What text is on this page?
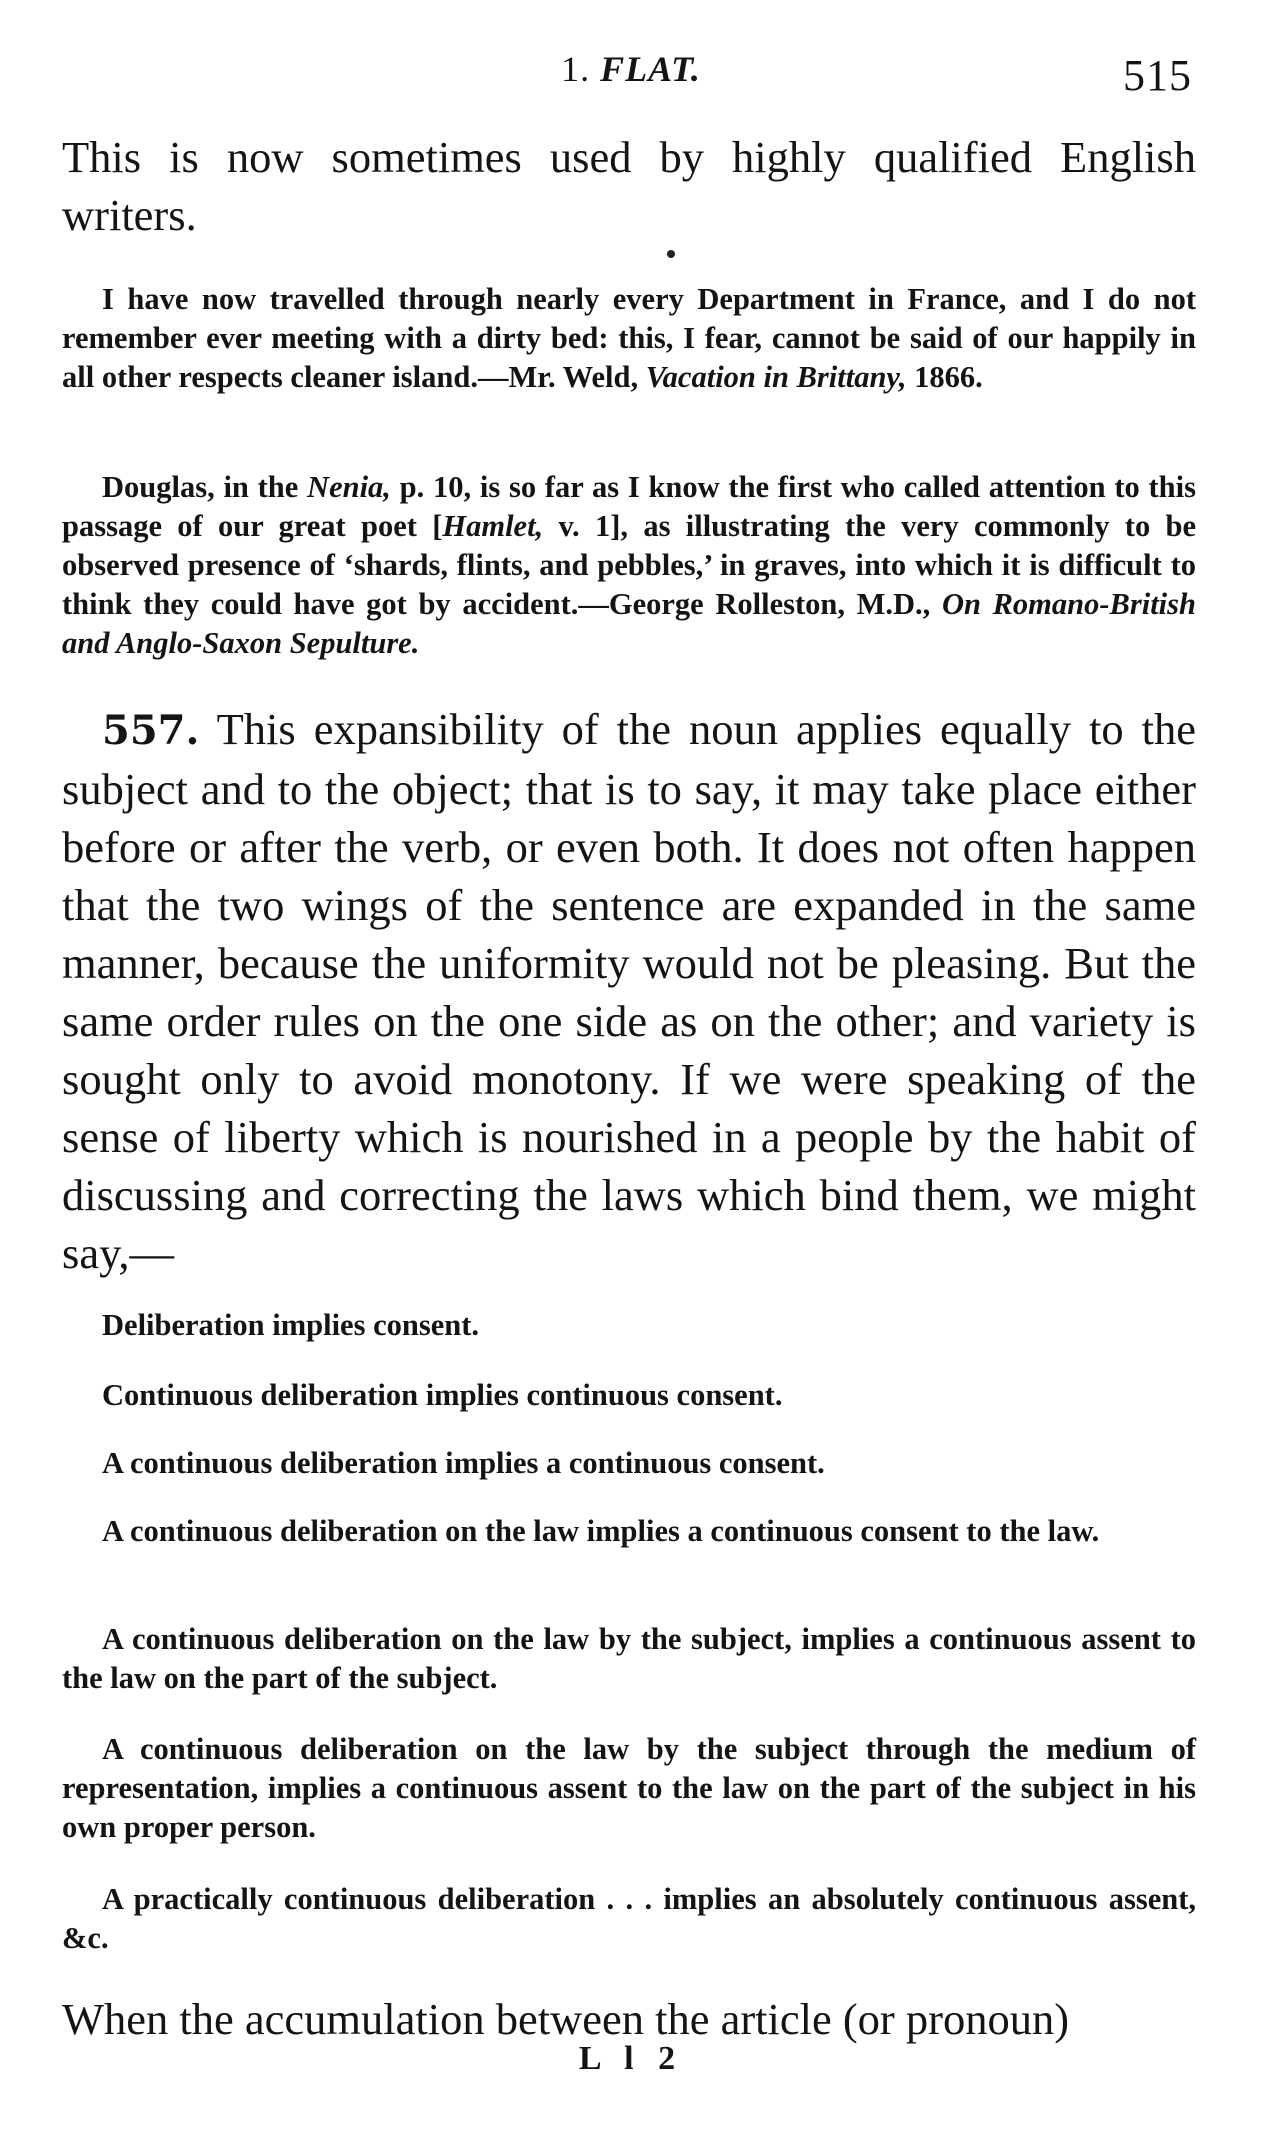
1. FLAT.	515

This is now sometimes used by highly qualified English writers.

I have now travelled through nearly every Department in France, and I do not remember ever meeting with a dirty bed: this, I fear, cannot be said of our happily in all other respects cleaner island.—Mr. Weld, Vacation in Brittany, 1866.

Douglas, in the Nenia, p. 10, is so far as I know the first who called attention to this passage of our great poet [Hamlet, v. 1], as illustrating the very commonly to be observed presence of ‘shards, flints, and pebbles,’ in graves, into which it is difficult to think they could have got by accident.—George Rolleston, M.D., On Romano-British and Anglo-Saxon Sepulture.

557. This expansibility of the noun applies equally to the subject and to the object; that is to say, it may take place either before or after the verb, or even both. It does not often happen that the two wings of the sentence are expanded in the same manner, because the uniformity would not be pleasing. But the same order rules on the one side as on the other; and variety is sought only to avoid monotony. If we were speaking of the sense of liberty which is nourished in a people by the habit of discussing and correcting the laws which bind them, we might say,—

Deliberation implies consent.

Continuous deliberation implies continuous consent.

A continuous deliberation implies a continuous consent.

A continuous deliberation on the law implies a continuous consent to the law.

A continuous deliberation on the law by the subject, implies a continuous assent to the law on the part of the subject.

A continuous deliberation on the law by the subject through the medium of representation, implies a continuous assent to the law on the part of the subject in his own proper person.

A practically continuous deliberation . . . implies an absolutely continuous assent, &c.

When the accumulation between the article (or pronoun)

L l 2
